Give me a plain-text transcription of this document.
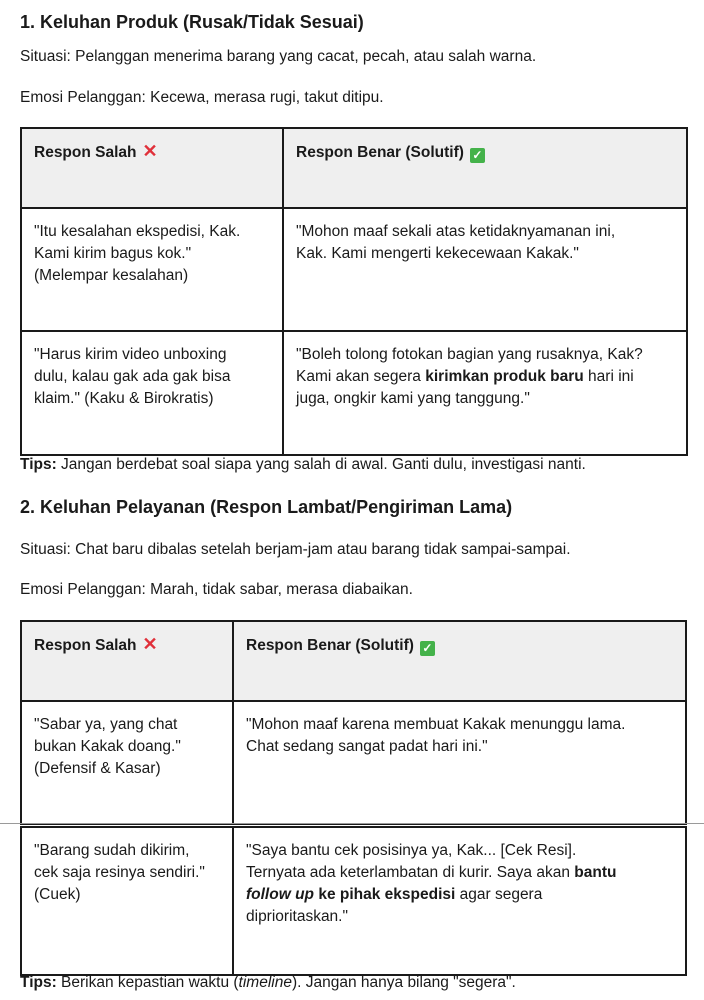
1. Keluhan Produk (Rusak/Tidak Sesuai)

Situasi: Pelanggan menerima barang yang cacat, pecah, atau salah warna.

Emosi Pelanggan: Kecewa, merasa rugi, takut ditipu.

Respon Salah ✕	Respon Benar (Solutif) ✓
"Itu kesalahan ekspedisi, Kak.
Kami kirim bagus kok."
(Melempar kesalahan)	"Mohon maaf sekali atas ketidaknyamanan ini,
Kak. Kami mengerti kekecewaan Kakak."
"Harus kirim video unboxing
dulu, kalau gak ada gak bisa
klaim." (Kaku & Birokratis)	"Boleh tolong fotokan bagian yang rusaknya, Kak?
Kami akan segera kirimkan produk baru hari ini
juga, ongkir kami yang tanggung."

Tips: Jangan berdebat soal siapa yang salah di awal. Ganti dulu, investigasi nanti.

2. Keluhan Pelayanan (Respon Lambat/Pengiriman Lama)

Situasi: Chat baru dibalas setelah berjam-jam atau barang tidak sampai-sampai.

Emosi Pelanggan: Marah, tidak sabar, merasa diabaikan.

Respon Salah ✕	Respon Benar (Solutif) ✓
"Sabar ya, yang chat
bukan Kakak doang."
(Defensif & Kasar)	"Mohon maaf karena membuat Kakak menunggu lama.
Chat sedang sangat padat hari ini."
"Barang sudah dikirim,
cek saja resinya sendiri."
(Cuek)	"Saya bantu cek posisinya ya, Kak... [Cek Resi].
Ternyata ada keterlambatan di kurir. Saya akan bantu
follow up ke pihak ekspedisi agar segera
diprioritaskan."

Tips: Berikan kepastian waktu (timeline). Jangan hanya bilang "segera".
